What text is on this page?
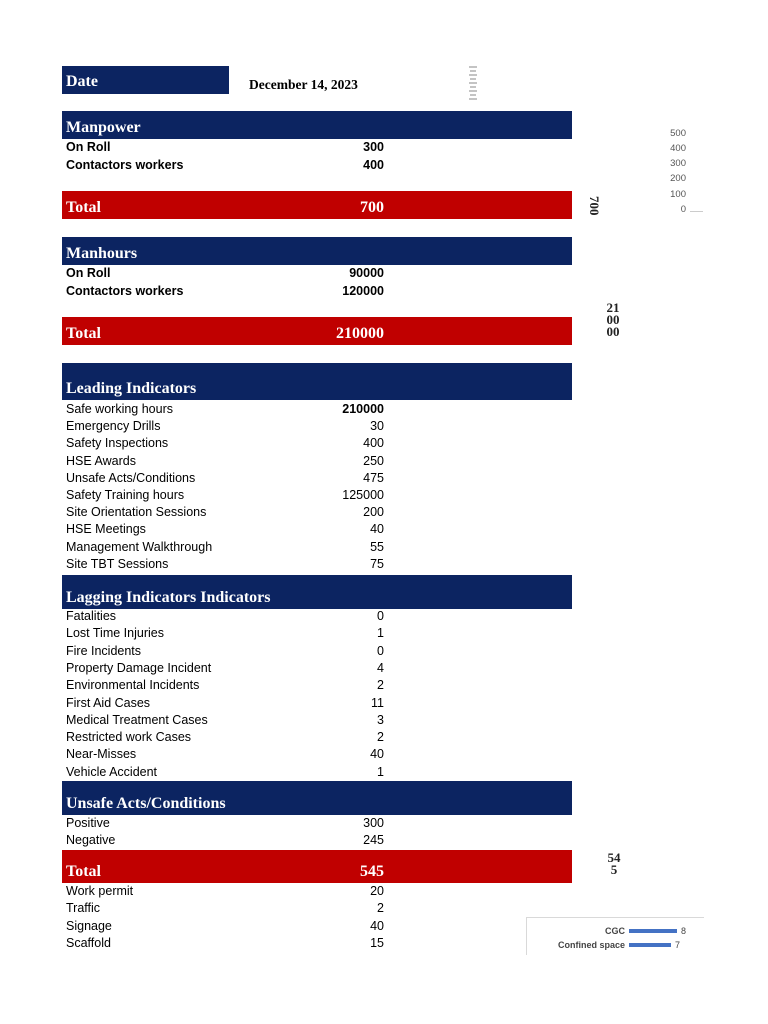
Date	December 14, 2023
Manpower
On Roll	300
Contactors workers	400
Total	700	700
500
400
300
200
100
0
Manhours
On Roll	90000
Contactors workers	120000
Total	210000
21
00
00
Leading Indicators
Safe working hours	210000
Emergency Drills	30
Safety Inspections	400
HSE Awards	250
Unsafe Acts/Conditions	475
Safety Training hours	125000
Site Orientation Sessions	200
HSE Meetings	40
Management Walkthrough	55
Site TBT Sessions	75
Lagging Indicators Indicators
Fatalities	0
Lost Time Injuries	1
Fire Incidents	0
Property Damage Incident	4
Environmental Incidents	2
First Aid Cases	11
Medical Treatment Cases	3
Restricted work Cases	2
Near-Misses	40
Vehicle Accident	1
Unsafe Acts/Conditions
Positive	300
Negative	245
Total	545
54
5
Work permit	20
Traffic	2
Signage	40
Scaffold	15
CGC	8
Confined space	7
